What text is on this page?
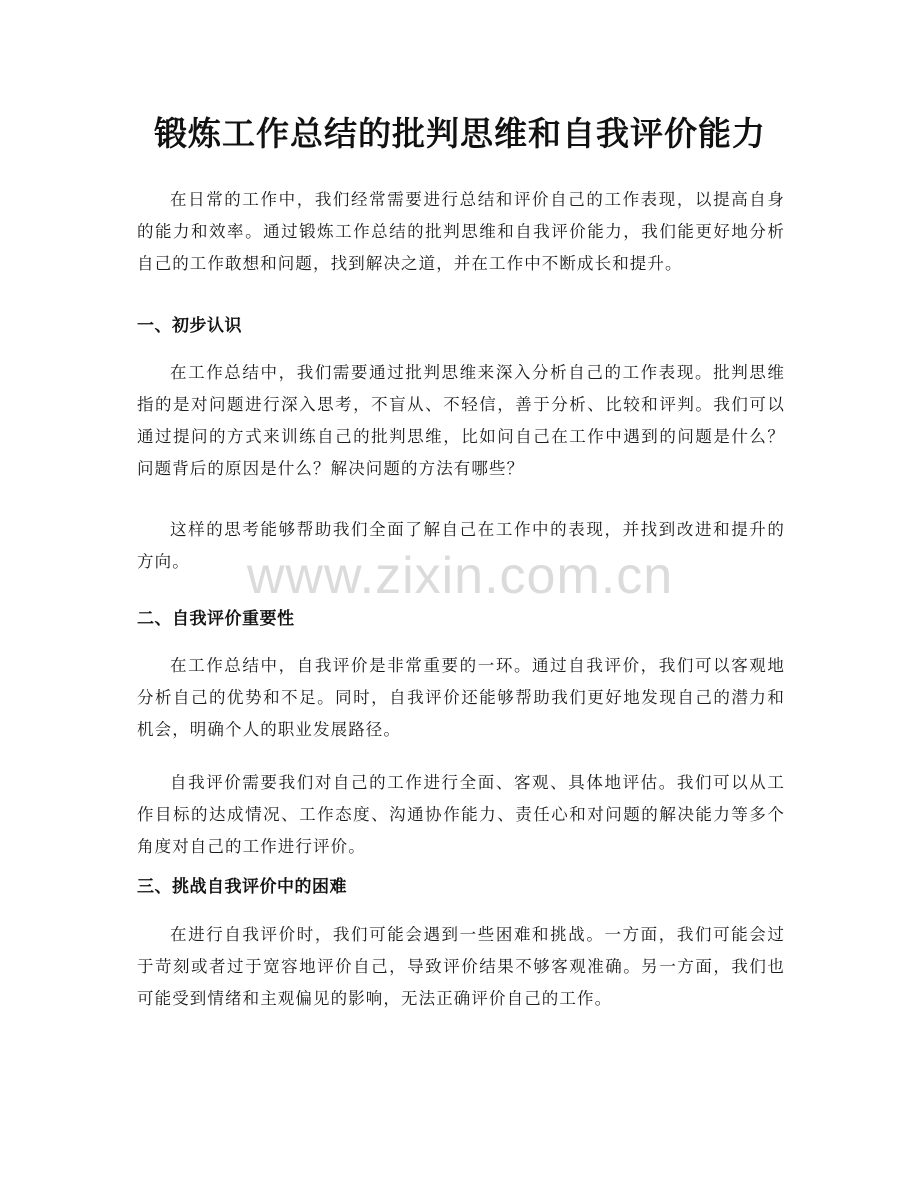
锻炼工作总结的批判思维和自我评价能力

在日常的工作中，我们经常需要进行总结和评价自己的工作表现，以提高自身的能力和效率。通过锻炼工作总结的批判思维和自我评价能力，我们能更好地分析自己的工作敢想和问题，找到解决之道，并在工作中不断成长和提升。

一、初步认识

在工作总结中，我们需要通过批判思维来深入分析自己的工作表现。批判思维指的是对问题进行深入思考，不盲从、不轻信，善于分析、比较和评判。我们可以通过提问的方式来训练自己的批判思维，比如问自己在工作中遇到的问题是什么？问题背后的原因是什么？解决问题的方法有哪些？

这样的思考能够帮助我们全面了解自己在工作中的表现，并找到改进和提升的方向。	www.zixin.com.cn
二、自我评价重要性

在工作总结中，自我评价是非常重要的一环。通过自我评价，我们可以客观地分析自己的优势和不足。同时，自我评价还能够帮助我们更好地发现自己的潜力和机会，明确个人的职业发展路径。

自我评价需要我们对自己的工作进行全面、客观、具体地评估。我们可以从工作目标的达成情况、工作态度、沟通协作能力、责任心和对问题的解决能力等多个角度对自己的工作进行评价。

三、挑战自我评价中的困难

在进行自我评价时，我们可能会遇到一些困难和挑战。一方面，我们可能会过于苛刻或者过于宽容地评价自己，导致评价结果不够客观准确。另一方面，我们也可能受到情绪和主观偏见的影响，无法正确评价自己的工作。
